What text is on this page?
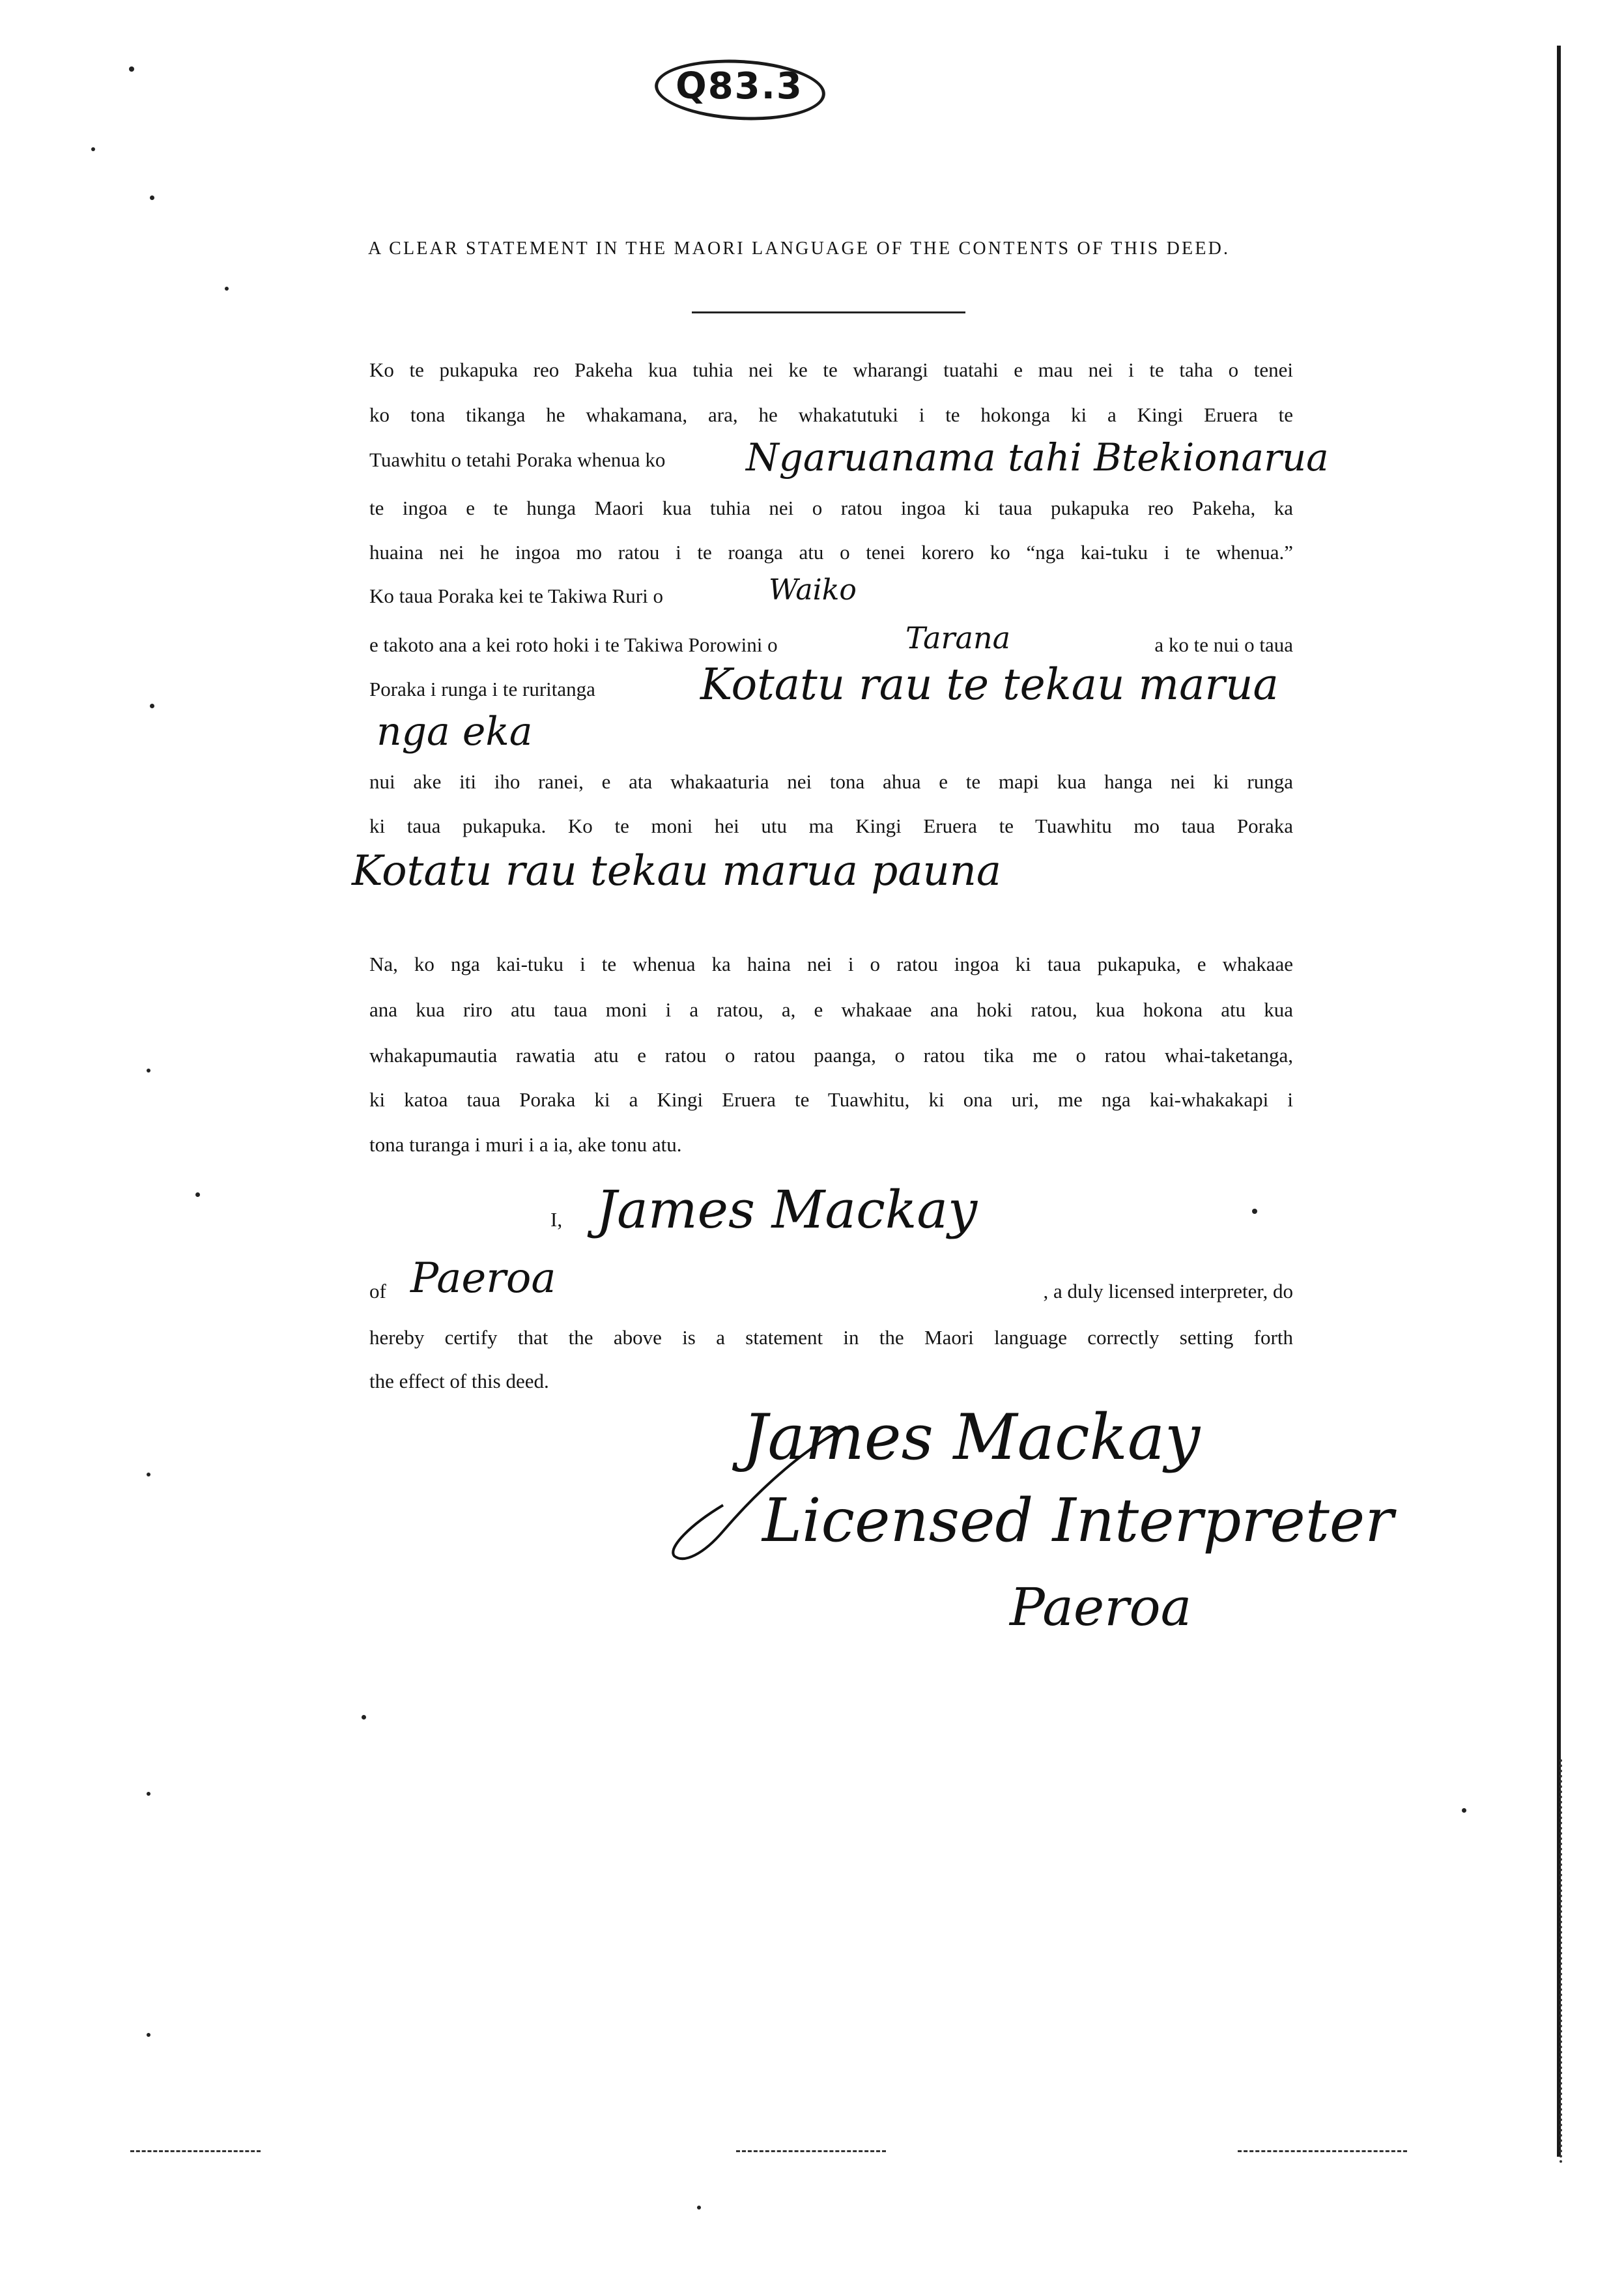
Q83.3
A CLEAR STATEMENT IN THE MAORI LANGUAGE OF THE CONTENTS OF THIS DEED.
Ko te pukapuka reo Pakeha kua tuhia nei ke te wharangi tuatahi e mau nei i te taha o tenei
ko tona tikanga he whakamana, ara, he whakatutuki i te hokonga ki a Kingi Eruera te
Tuawhitu o tetahi Poraka whenua ko	Ngaruanama tahi Btekionarua
te ingoa e te hunga Maori kua tuhia nei o ratou ingoa ki taua pukapuka reo Pakeha, ka
huaina nei he ingoa mo ratou i te roanga atu o tenei korero ko “nga kai-tuku i te whenua.”
Ko taua Poraka kei te Takiwa Ruri o	Waiko
e takoto ana a kei roto hoki i te Takiwa Porowini o	Tarana	a ko te nui o taua
Poraka i runga i te ruritanga	Kotatu rau te tekau marua
nga eka
nui ake iti iho ranei, e ata whakaaturia nei tona ahua e te mapi kua hanga nei ki runga
ki taua pukapuka. Ko te moni hei utu ma Kingi Eruera te Tuawhitu mo taua Poraka
Kotatu rau tekau marua pauna
Na, ko nga kai-tuku i te whenua ka haina nei i o ratou ingoa ki taua pukapuka, e whakaae
ana kua riro atu taua moni i a ratou, a, e whakaae ana hoki ratou, kua hokona atu kua
whakapumautia rawatia atu e ratou o ratou paanga, o ratou tika me o ratou whai-taketanga,
ki katoa taua Poraka ki a Kingi Eruera te Tuawhitu, ki ona uri, me nga kai-whakakapi i
tona turanga i muri i a ia, ake tonu atu.
I, James Mackay
of Paeroa	, a duly licensed interpreter, do
hereby certify that the above is a statement in the Maori language correctly setting forth
the effect of this deed.
James Mackay
Licensed Interpreter
Paeroa
